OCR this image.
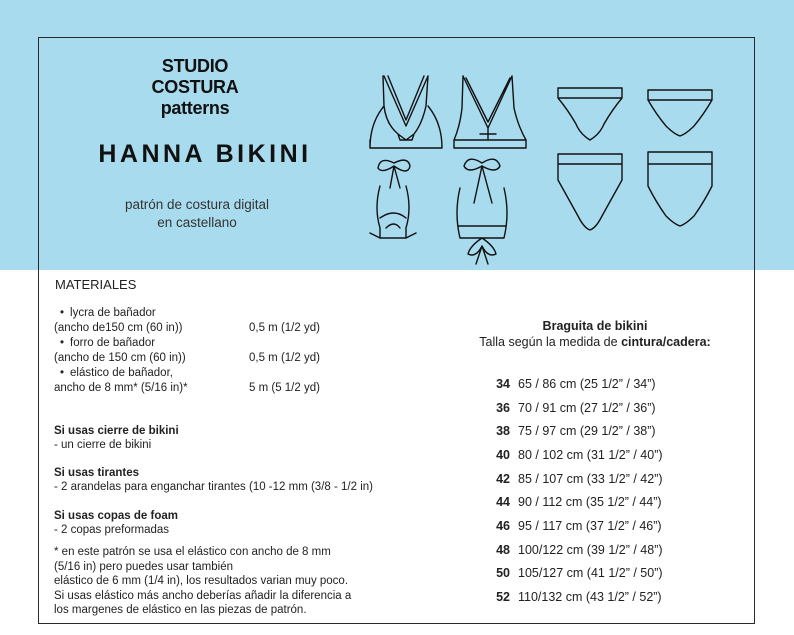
STUDIO
COSTURA
patterns
HANNA BIKINI
patrón de costura digital
en castellano
MATERIALES
• lycra de bañador
(ancho de150 cm (60 in))	0,5 m (1/2 yd)
• forro de bañador
(ancho de 150 cm (60 in))	0,5 m (1/2 yd)
• elástico de bañador,
ancho de 8 mm* (5/16 in)*	5 m (5 1/2 yd)
Si usas cierre de bikini
- un cierre de bikini
Si usas tirantes
- 2 arandelas para enganchar tirantes (10 -12 mm (3/8 - 1/2 in)
Si usas copas de foam
- 2 copas preformadas
* en este patrón se usa el elástico con ancho de 8 mm
(5/16 in) pero puedes usar también
elástico de 6 mm (1/4 in), los resultados varian muy poco.
Si usas elástico más ancho deberías añadir la diferencia a
los margenes de elástico en las piezas de patrón.
Braguita de bikini
Talla según la medida de cintura/cadera:
34 65 / 86 cm (25 1/2” / 34”)
36 70 / 91 cm (27 1/2” / 36”)
38 75 / 97 cm (29 1/2” / 38”)
40 80 / 102 cm (31 1/2” / 40”)
42 85 / 107 cm (33 1/2” / 42”)
44 90 / 112 cm (35 1/2” / 44”)
46 95 / 117 cm (37 1/2” / 46”)
48 100/122 cm (39 1/2” / 48”)
50 105/127 cm (41 1/2” / 50”)
52 110/132 cm (43 1/2” / 52”)
